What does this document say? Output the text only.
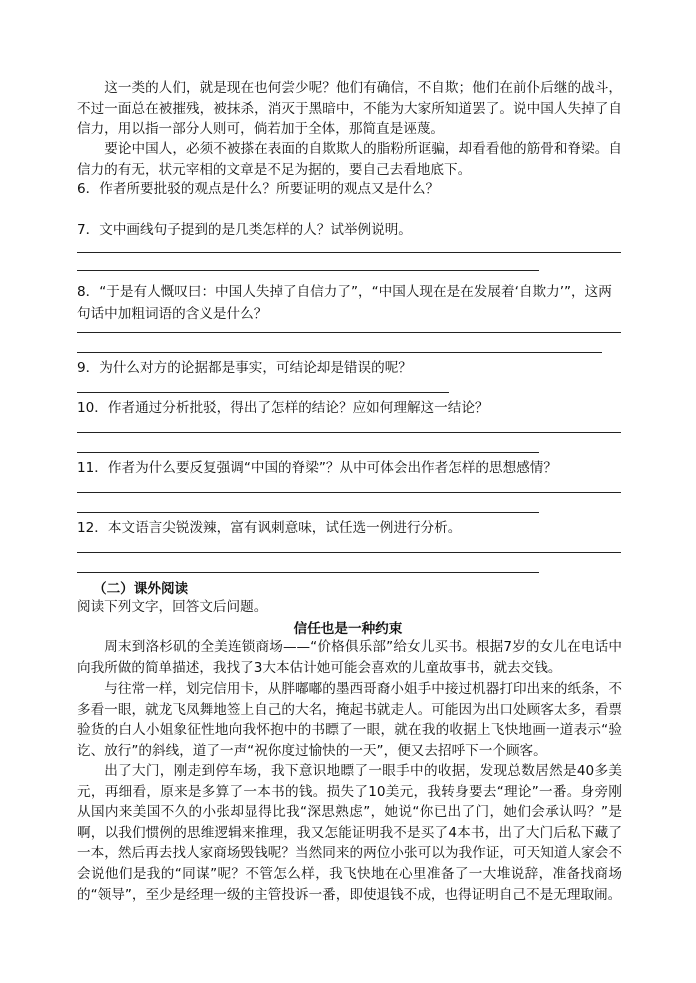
这一类的人们，就是现在也何尝少呢？他们有确信，不自欺；他们在前仆后继的战斗，不过一面总在被摧残，被抹杀，消灭于黑暗中，不能为大家所知道罢了。说中国人失掉了自信力，用以指一部分人则可，倘若加于全体，那简直是诬蔑。

要论中国人，必须不被搽在表面的自欺欺人的脂粉所诓骗，却看看他的筋骨和脊梁。自信力的有无，状元宰相的文章是不足为据的，要自己去看地底下。

6．作者所要批驳的观点是什么？所要证明的观点又是什么？

7．文中画线句子提到的是几类怎样的人？试举例说明。

8．“于是有人慨叹曰：中国人失掉了自信力了”，“中国人现在是在发展着‘自欺力’”，这两句话中加粗词语的含义是什么？

9．为什么对方的论据都是事实，可结论却是错误的呢？

10．作者通过分析批驳，得出了怎样的结论？应如何理解这一结论？

11．作者为什么要反复强调“中国的脊梁”？从中可体会出作者怎样的思想感情？

12．本文语言尖锐泼辣，富有讽刺意味，试任选一例进行分析。

（二）课外阅读

阅读下列文字，回答文后问题。

信任也是一种约束

周末到洛杉矶的全美连锁商场——“价格俱乐部”给女儿买书。根据7岁的女儿在电话中向我所做的简单描述，我找了3大本估计她可能会喜欢的儿童故事书，就去交钱。

与往常一样，划完信用卡，从胖嘟嘟的墨西哥裔小姐手中接过机器打印出来的纸条，不多看一眼，就龙飞凤舞地签上自己的大名，掩起书就走人。可能因为出口处顾客太多，看票验货的白人小姐象征性地向我怀抱中的书瞟了一眼，就在我的收据上飞快地画一道表示“验讫、放行”的斜线，道了一声“祝你度过愉快的一天”，便又去招呼下一个顾客。

出了大门，刚走到停车场，我下意识地瞟了一眼手中的收据，发现总数居然是40多美元，再细看，原来是多算了一本书的钱。损失了10美元，我转身要去“理论”一番。身旁刚从国内来美国不久的小张却显得比我“深思熟虑”，她说“你已出了门，她们会承认吗？”是啊，以我们惯例的思维逻辑来推理，我又怎能证明我不是买了4本书，出了大门后私下藏了一本，然后再去找人家商场毁钱呢？当然同来的两位小张可以为我作证，可天知道人家会不会说他们是我的“同谋”呢？不管怎么样，我飞快地在心里准备了一大堆说辞，准备找商场的“领导”，至少是经理一级的主管投诉一番，即使退钱不成，也得证明自己不是无理取闹。
